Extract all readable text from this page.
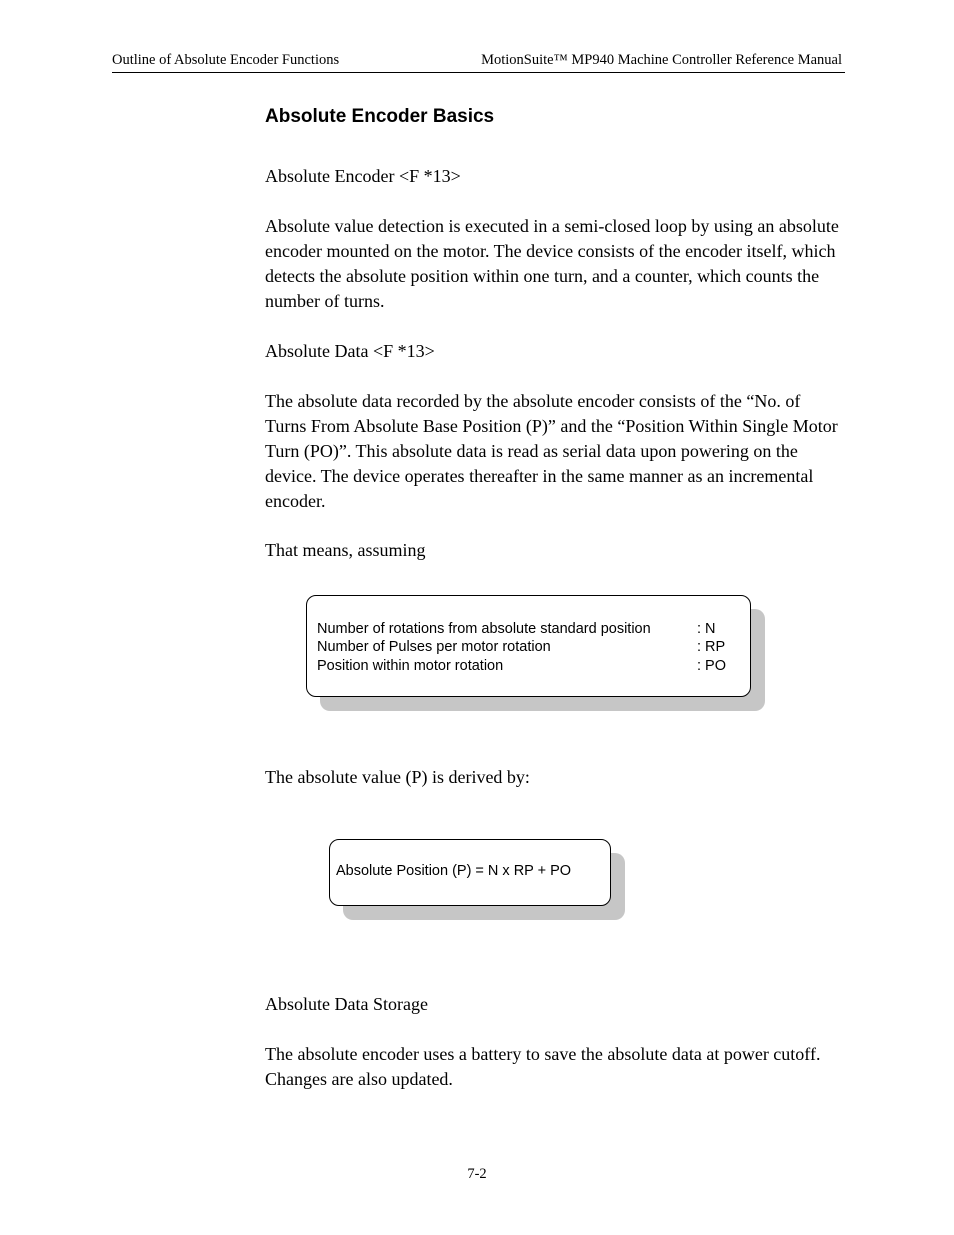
Outline of Absolute Encoder Functions	MotionSuite™ MP940 Machine Controller Reference Manual
Absolute Encoder Basics

Absolute Encoder <F *13>

Absolute value detection is executed in a semi-closed loop by using an absolute encoder mounted on the motor. The device consists of the encoder itself, which detects the absolute position within one turn, and a counter, which counts the number of turns.

Absolute Data <F *13>

The absolute data recorded by the absolute encoder consists of the “No. of Turns From Absolute Base Position (P)” and the “Position Within Single Motor Turn (PO)”. This absolute data is read as serial data upon powering on the device. The device operates thereafter in the same manner as an incremental encoder.

That means, assuming

Number of rotations from absolute standard position	: N
Number of Pulses per motor rotation	: RP
Position within motor rotation	: PO

The absolute value (P) is derived by:

Absolute Position (P) = N x RP + PO

Absolute Data Storage

The absolute encoder uses a battery to save the absolute data at power cutoff. Changes are also updated.

7-2
